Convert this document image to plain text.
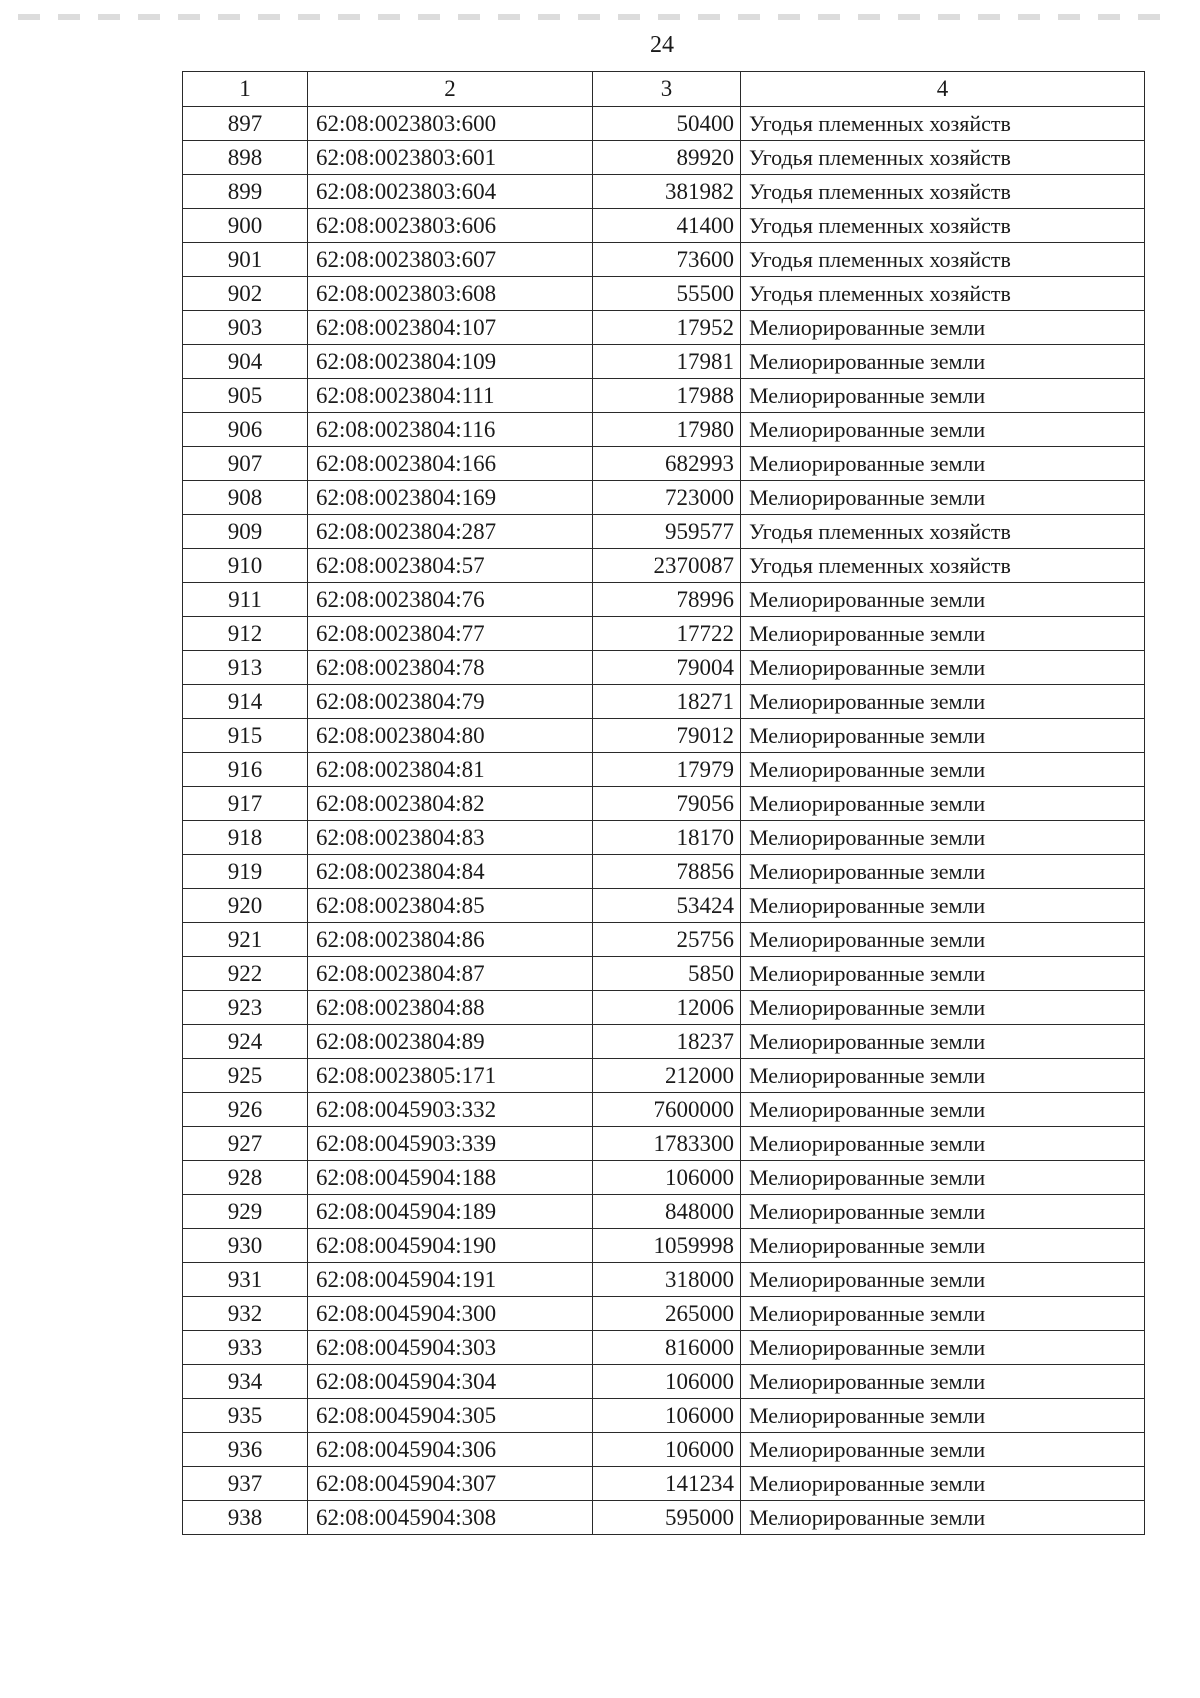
24
1	2	3	4
897	62:08:0023803:600	50400	Угодья племенных хозяйств
898	62:08:0023803:601	89920	Угодья племенных хозяйств
899	62:08:0023803:604	381982	Угодья племенных хозяйств
900	62:08:0023803:606	41400	Угодья племенных хозяйств
901	62:08:0023803:607	73600	Угодья племенных хозяйств
902	62:08:0023803:608	55500	Угодья племенных хозяйств
903	62:08:0023804:107	17952	Мелиорированные земли
904	62:08:0023804:109	17981	Мелиорированные земли
905	62:08:0023804:111	17988	Мелиорированные земли
906	62:08:0023804:116	17980	Мелиорированные земли
907	62:08:0023804:166	682993	Мелиорированные земли
908	62:08:0023804:169	723000	Мелиорированные земли
909	62:08:0023804:287	959577	Угодья племенных хозяйств
910	62:08:0023804:57	2370087	Угодья племенных хозяйств
911	62:08:0023804:76	78996	Мелиорированные земли
912	62:08:0023804:77	17722	Мелиорированные земли
913	62:08:0023804:78	79004	Мелиорированные земли
914	62:08:0023804:79	18271	Мелиорированные земли
915	62:08:0023804:80	79012	Мелиорированные земли
916	62:08:0023804:81	17979	Мелиорированные земли
917	62:08:0023804:82	79056	Мелиорированные земли
918	62:08:0023804:83	18170	Мелиорированные земли
919	62:08:0023804:84	78856	Мелиорированные земли
920	62:08:0023804:85	53424	Мелиорированные земли
921	62:08:0023804:86	25756	Мелиорированные земли
922	62:08:0023804:87	5850	Мелиорированные земли
923	62:08:0023804:88	12006	Мелиорированные земли
924	62:08:0023804:89	18237	Мелиорированные земли
925	62:08:0023805:171	212000	Мелиорированные земли
926	62:08:0045903:332	7600000	Мелиорированные земли
927	62:08:0045903:339	1783300	Мелиорированные земли
928	62:08:0045904:188	106000	Мелиорированные земли
929	62:08:0045904:189	848000	Мелиорированные земли
930	62:08:0045904:190	1059998	Мелиорированные земли
931	62:08:0045904:191	318000	Мелиорированные земли
932	62:08:0045904:300	265000	Мелиорированные земли
933	62:08:0045904:303	816000	Мелиорированные земли
934	62:08:0045904:304	106000	Мелиорированные земли
935	62:08:0045904:305	106000	Мелиорированные земли
936	62:08:0045904:306	106000	Мелиорированные земли
937	62:08:0045904:307	141234	Мелиорированные земли
938	62:08:0045904:308	595000	Мелиорированные земли
